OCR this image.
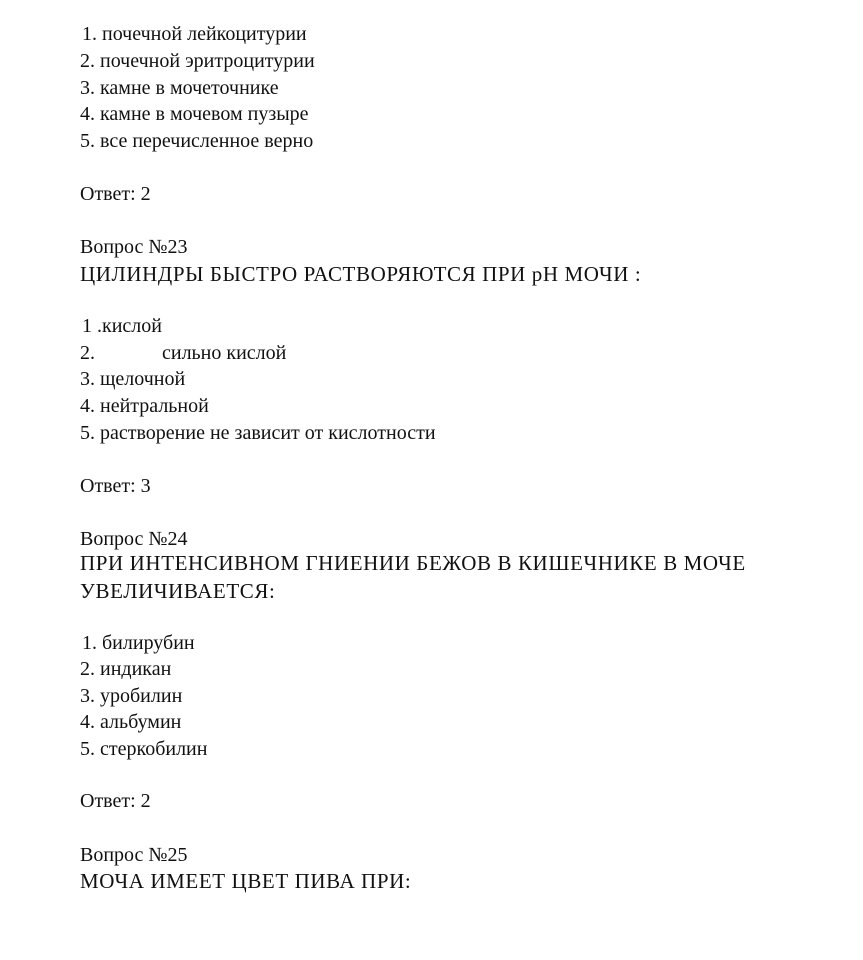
1. почечной лейкоцитурии
2. почечной эритроцитурии
3. камне в мочеточнике
4. камне в мочевом пузыре
5. все перечисленное верно
Ответ: 2
Вопрос №23
ЦИЛИНДРЫ БЫСТРО РАСТВОРЯЮТСЯ ПРИ pH МОЧИ :
1 .кислой
2.	сильно кислой
3. щелочной
4. нейтральной
5. растворение не зависит от кислотности
Ответ: 3
Вопрос №24
ПРИ ИНТЕНСИВНОМ ГНИЕНИИ БЕЖОВ В КИШЕЧНИКЕ В МОЧЕ
УВЕЛИЧИВАЕТСЯ:
1. билирубин
2. индикан
3. уробилин
4. альбумин
5. стеркобилин
Ответ: 2
Вопрос №25
МОЧА ИМЕЕТ ЦВЕТ ПИВА ПРИ:
